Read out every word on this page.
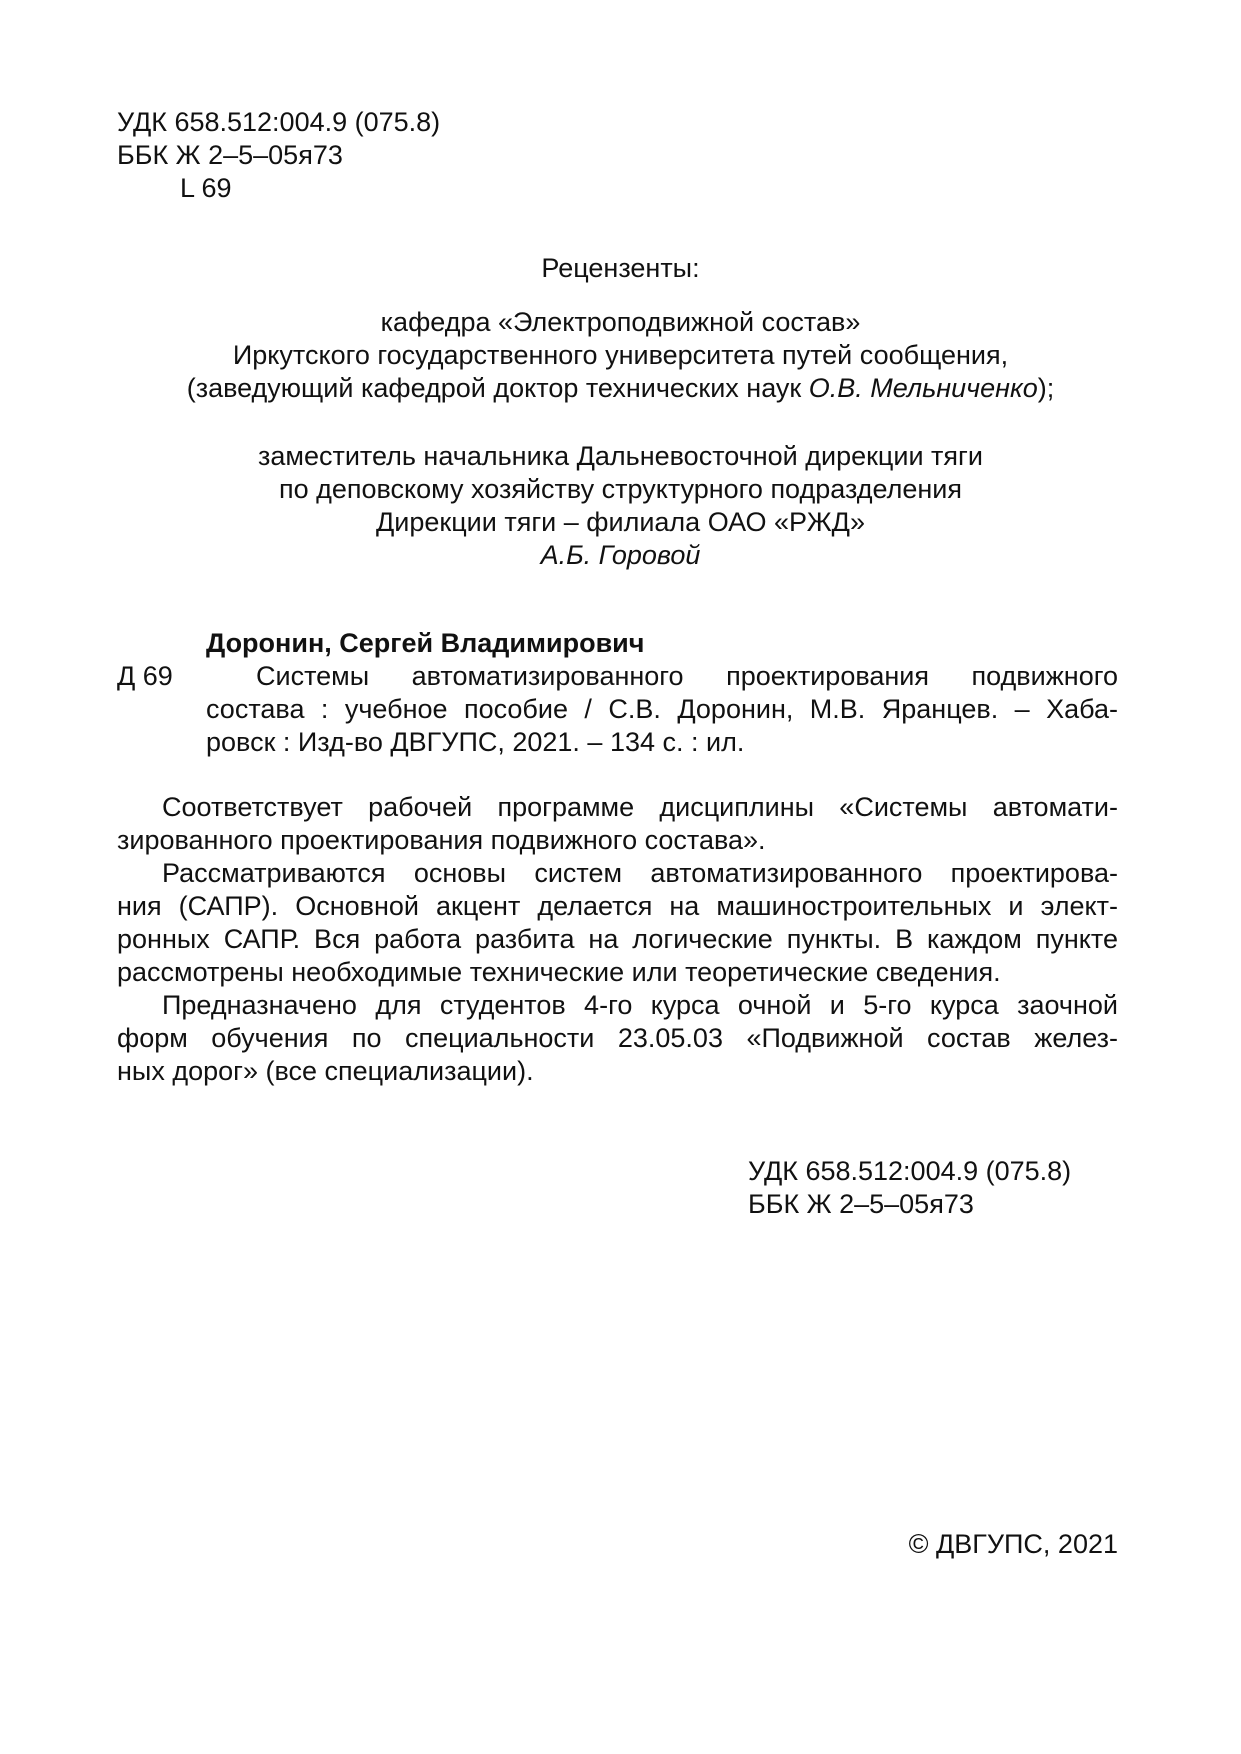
УДК 658.512:004.9 (075.8)
ББК Ж 2–5–05я73
L 69
Рецензенты:
кафедра «Электроподвижной состав»
Иркутского государственного университета путей сообщения,
(заведующий кафедрой доктор технических наук О.В. Мельниченко);
заместитель начальника Дальневосточной дирекции тяги
по деповскому хозяйству структурного подразделения
Дирекции тяги – филиала ОАО «РЖД»
А.Б. Горовой
Доронин, Сергей Владимирович
Д 69	Системы автоматизированного проектирования подвижного
состава : учебное пособие / С.В. Доронин, М.В. Яранцев. – Хаба-
ровск : Изд-во ДВГУПС, 2021. – 134 с. : ил.
Соответствует рабочей программе дисциплины «Системы автомати-
зированного проектирования подвижного состава».
Рассматриваются основы систем автоматизированного проектирова-
ния (САПР). Основной акцент делается на машиностроительных и элект-
ронных САПР. Вся работа разбита на логические пункты. В каждом пункте
рассмотрены необходимые технические или теоретические сведения.
Предназначено для студентов 4-го курса очной и 5-го курса заочной
форм обучения по специальности 23.05.03 «Подвижной состав желез-
ных дорог» (все специализации).
УДК 658.512:004.9 (075.8)
ББК Ж 2–5–05я73
© ДВГУПС, 2021
